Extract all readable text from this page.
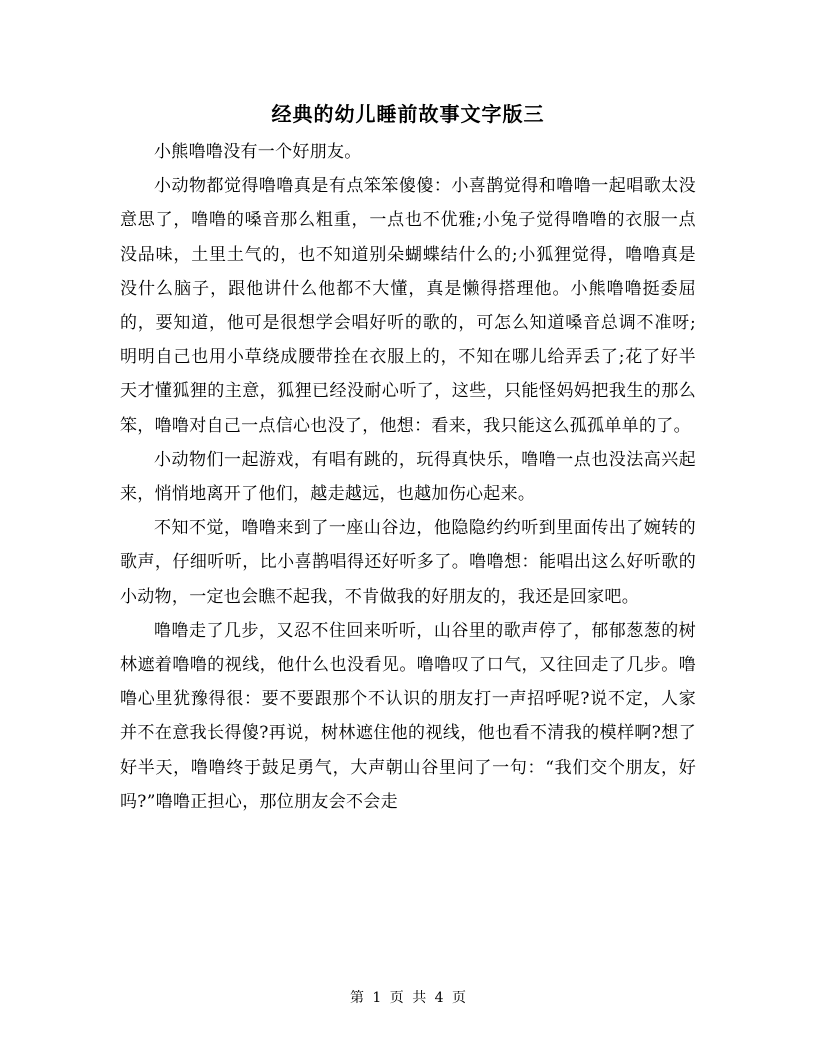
经典的幼儿睡前故事文字版三

小熊噜噜没有一个好朋友。

小动物都觉得噜噜真是有点笨笨傻傻：小喜鹊觉得和噜噜一起唱歌太没意思了，噜噜的嗓音那么粗重，一点也不优雅;小兔子觉得噜噜的衣服一点没品味，土里土气的，也不知道别朵蝴蝶结什么的;小狐狸觉得，噜噜真是没什么脑子，跟他讲什么他都不大懂，真是懒得搭理他。小熊噜噜挺委屈的，要知道，他可是很想学会唱好听的歌的，可怎么知道嗓音总调不准呀;明明自己也用小草绕成腰带拴在衣服上的，不知在哪儿给弄丢了;花了好半天才懂狐狸的主意，狐狸已经没耐心听了，这些，只能怪妈妈把我生的那么笨，噜噜对自己一点信心也没了，他想：看来，我只能这么孤孤单单的了。

小动物们一起游戏，有唱有跳的，玩得真快乐，噜噜一点也没法高兴起来，悄悄地离开了他们，越走越远，也越加伤心起来。

不知不觉，噜噜来到了一座山谷边，他隐隐约约听到里面传出了婉转的歌声，仔细听听，比小喜鹊唱得还好听多了。噜噜想：能唱出这么好听歌的小动物，一定也会瞧不起我，不肯做我的好朋友的，我还是回家吧。

噜噜走了几步，又忍不住回来听听，山谷里的歌声停了，郁郁葱葱的树林遮着噜噜的视线，他什么也没看见。噜噜叹了口气，又往回走了几步。噜噜心里犹豫得很：要不要跟那个不认识的朋友打一声招呼呢?说不定，人家并不在意我长得傻?再说，树林遮住他的视线，他也看不清我的模样啊?想了好半天，噜噜终于鼓足勇气，大声朝山谷里问了一句：“我们交个朋友，好吗?”噜噜正担心，那位朋友会不会走

第 1 页 共 4 页
